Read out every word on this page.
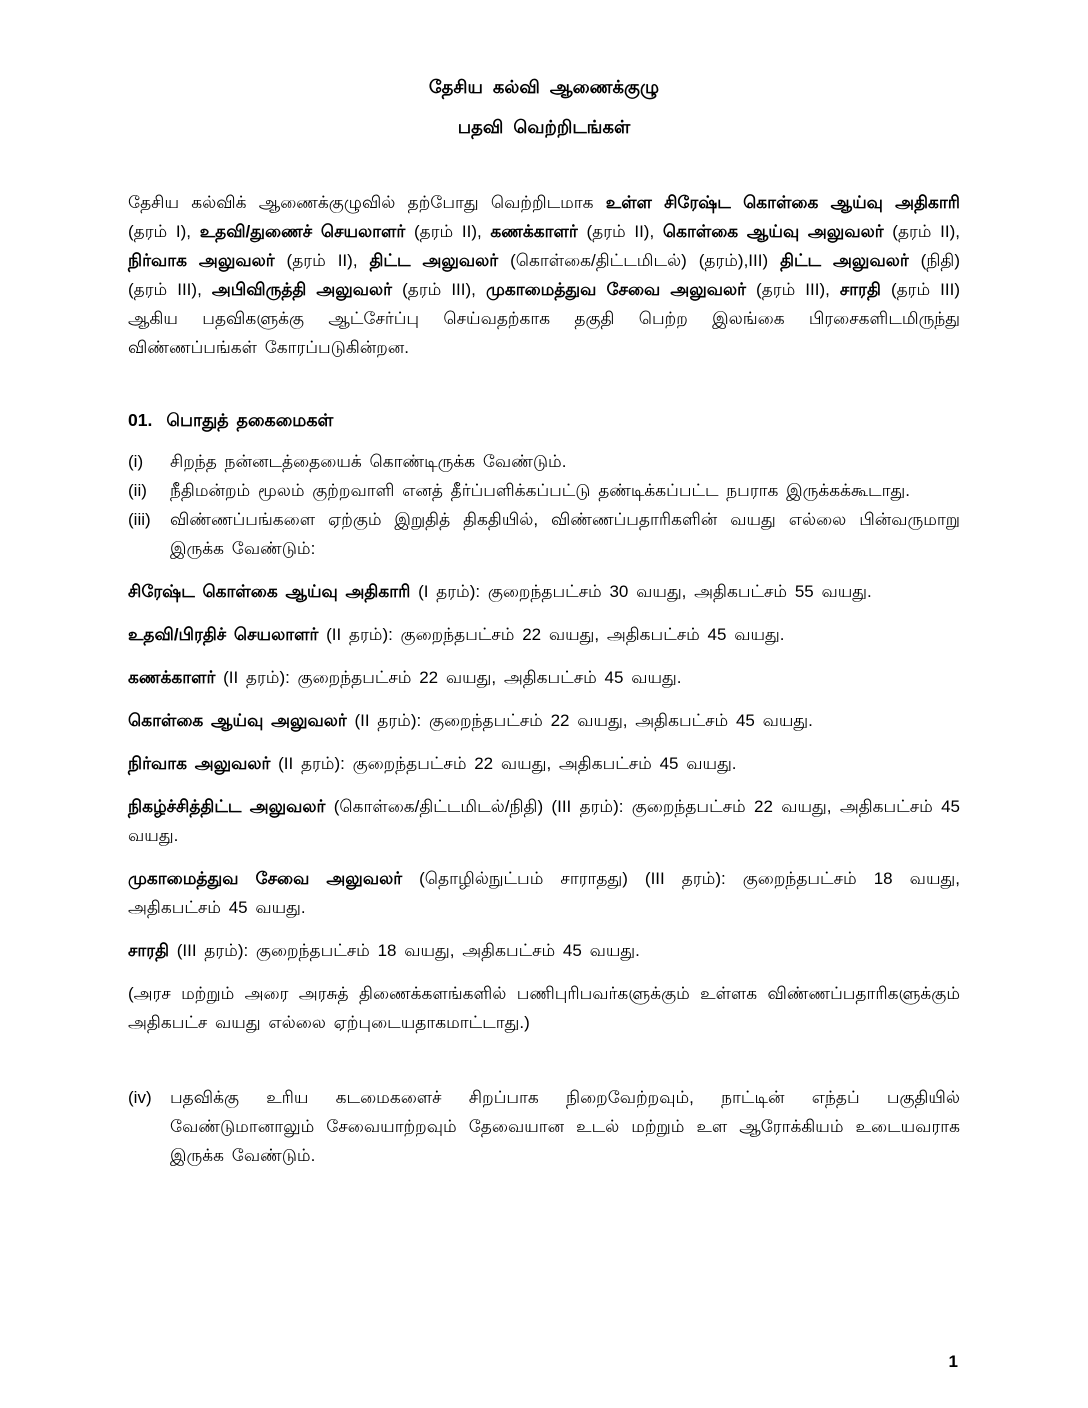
தேசிய கல்வி ஆணைக்குழு
பதவி வெற்றிடங்கள்

தேசிய கல்விக் ஆணைக்குழுவில் தற்போது வெற்றிடமாக உள்ள சிரேஷ்ட கொள்கை ஆய்வு அதிகாரி (தரம் I), உதவி/துணைச் செயலாளர் (தரம் II), கணக்காளர் (தரம் II), கொள்கை ஆய்வு அலுவலர் (தரம் II), நிர்வாக அலுவலர் (தரம் II), திட்ட அலுவலர் (கொள்கை/திட்டமிடல்) (தரம்),III) திட்ட அலுவலர் (நிதி) (தரம் III), அபிவிருத்தி அலுவலர் (தரம் III), முகாமைத்துவ சேவை அலுவலர் (தரம் III), சாரதி (தரம் III) ஆகிய பதவிகளுக்கு ஆட்சேர்ப்பு செய்வதற்காக தகுதி பெற்ற இலங்கை பிரசைகளிடமிருந்து விண்ணப்பங்கள் கோரப்படுகின்றன.

01. பொதுத் தகைமைகள்
(i)	சிறந்த நன்னடத்தையைக் கொண்டிருக்க வேண்டும்.
(ii)	நீதிமன்றம் மூலம் குற்றவாளி எனத் தீர்ப்பளிக்கப்பட்டு தண்டிக்கப்பட்ட நபராக இருக்கக்கூடாது.
(iii)	விண்ணப்பங்களை ஏற்கும் இறுதித் திகதியில், விண்ணப்பதாரிகளின் வயது எல்லை பின்வருமாறு இருக்க வேண்டும்:

சிரேஷ்ட கொள்கை ஆய்வு அதிகாரி (I தரம்): குறைந்தபட்சம் 30 வயது, அதிகபட்சம் 55 வயது.

உதவி/பிரதிச் செயலாளர் (II தரம்): குறைந்தபட்சம் 22 வயது, அதிகபட்சம் 45 வயது.

கணக்காளர் (II தரம்): குறைந்தபட்சம் 22 வயது, அதிகபட்சம் 45 வயது.

கொள்கை ஆய்வு அலுவலர் (II தரம்): குறைந்தபட்சம் 22 வயது, அதிகபட்சம் 45 வயது.

நிர்வாக அலுவலர் (II தரம்): குறைந்தபட்சம் 22 வயது, அதிகபட்சம் 45 வயது.

நிகழ்ச்சித்திட்ட அலுவலர் (கொள்கை/திட்டமிடல்/நிதி) (III தரம்): குறைந்தபட்சம் 22 வயது, அதிகபட்சம் 45 வயது.

முகாமைத்துவ சேவை அலுவலர் (தொழில்நுட்பம் சாராதது) (III தரம்): குறைந்தபட்சம் 18 வயது, அதிகபட்சம் 45 வயது.

சாரதி (III தரம்): குறைந்தபட்சம் 18 வயது, அதிகபட்சம் 45 வயது.

(அரச மற்றும் அரை அரசுத் திணைக்களங்களில் பணிபுரிபவர்களுக்கும் உள்ளக விண்ணப்பதாரிகளுக்கும் அதிகபட்ச வயது எல்லை ஏற்புடையதாகமாட்டாது.)

(iv)	பதவிக்கு உரிய கடமைகளைச் சிறப்பாக நிறைவேற்றவும், நாட்டின் எந்தப் பகுதியில் வேண்டுமானாலும் சேவையாற்றவும் தேவையான உடல் மற்றும் உள ஆரோக்கியம் உடையவராக இருக்க வேண்டும்.
1
